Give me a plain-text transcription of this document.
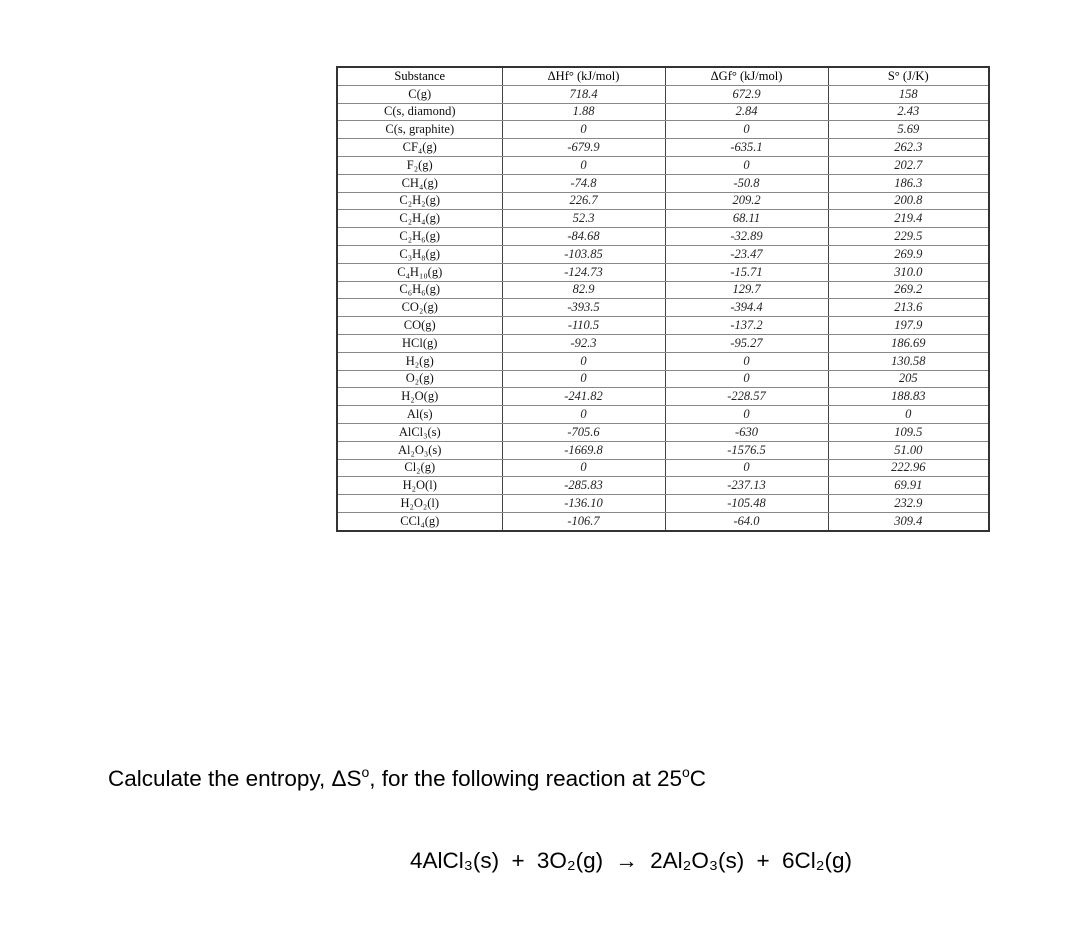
Substance	ΔHf° (kJ/mol)	ΔGf° (kJ/mol)	S° (J/K)
C(g)	718.4	672.9	158
C(s, diamond)	1.88	2.84	2.43
C(s, graphite)	0	0	5.69
CF₄(g)	-679.9	-635.1	262.3
F₂(g)	0	0	202.7
CH₄(g)	-74.8	-50.8	186.3
C₂H₂(g)	226.7	209.2	200.8
C₂H₄(g)	52.3	68.11	219.4
C₂H₆(g)	-84.68	-32.89	229.5
C₃H₈(g)	-103.85	-23.47	269.9
C₄H₁₀(g)	-124.73	-15.71	310.0
C₆H₆(g)	82.9	129.7	269.2
CO₂(g)	-393.5	-394.4	213.6
CO(g)	-110.5	-137.2	197.9
HCl(g)	-92.3	-95.27	186.69
H₂(g)	0	0	130.58
O₂(g)	0	0	205
H₂O(g)	-241.82	-228.57	188.83
Al(s)	0	0	0
AlCl₃(s)	-705.6	-630	109.5
Al₂O₃(s)	-1669.8	-1576.5	51.00
Cl₂(g)	0	0	222.96
H₂O(l)	-285.83	-237.13	69.91
H₂O₂(l)	-136.10	-105.48	232.9
CCl₄(g)	-106.7	-64.0	309.4
Calculate the entropy, $\Delta S^o$, for the following reaction at 25$^o$C
4AlCl₃(s) + 3O₂(g) → 2Al₂O₃(s) + 6Cl₂(g)
